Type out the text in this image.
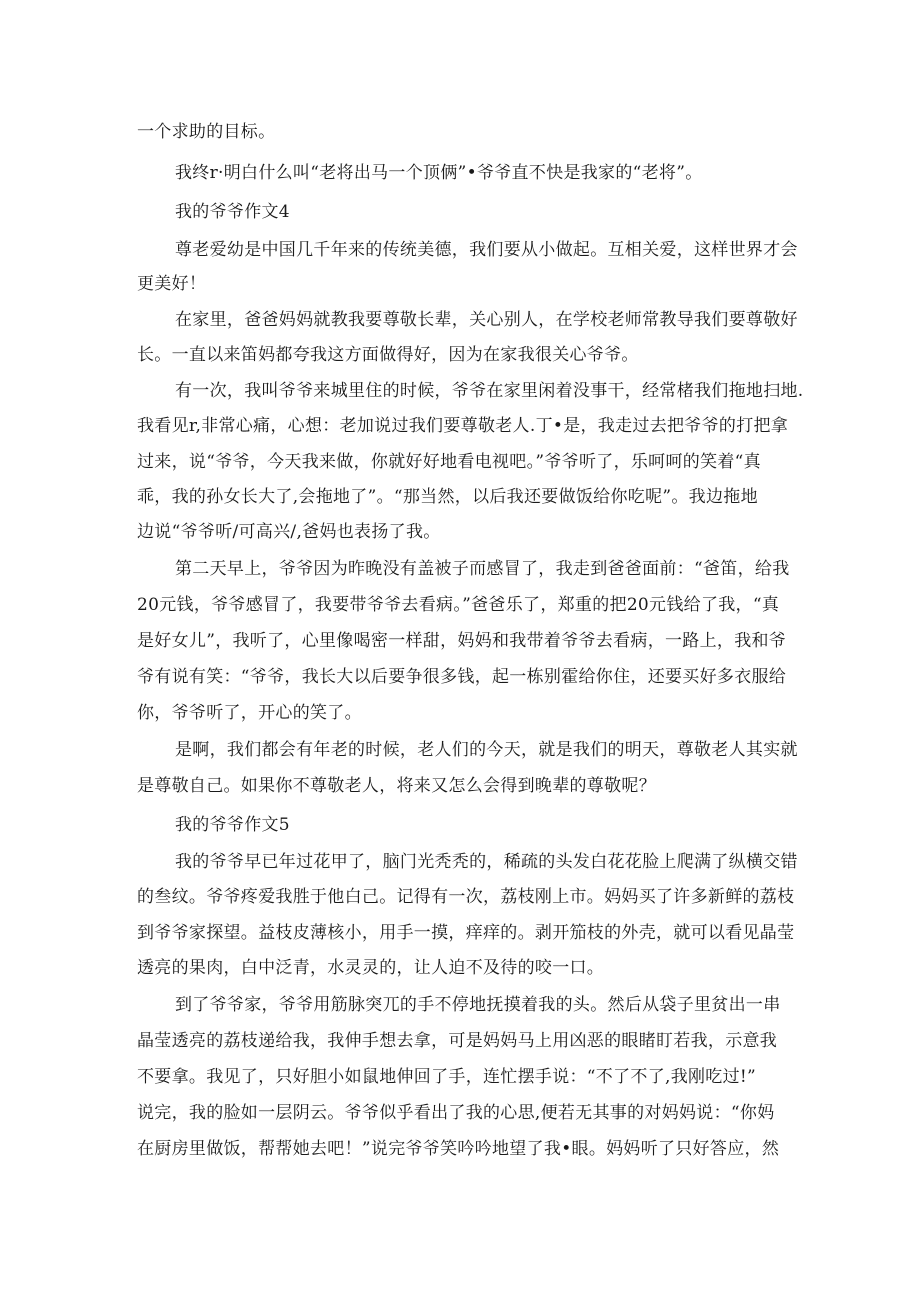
一个求助的目标。

我终r·明白什么叫“老将出马一个顶俩”•爷爷直不快是我家的“老将”。

我的爷爷作文4

尊老爱幼是中国几千年来的传统美德，我们要从小做起。互相关爱，这样世界才会

更美好！

在家里，爸爸妈妈就教我要尊敬长辈，关心别人，在学校老师常教导我们要尊敬好

长。一直以来笛妈都夸我这方面做得好，因为在家我很关心爷爷。

有一次，我叫爷爷来城里住的时候，爷爷在家里闲着没事干，经常楮我们拖地扫地.

我看见r,非常心痛，心想：老加说过我们要尊敬老人.丁•是，我走过去把爷爷的打把拿

过来，说“爷爷，今天我来做，你就好好地看电视吧。”爷爷听了，乐呵呵的笑着“真

乖，我的孙女长大了,会拖地了”。“那当然，以后我还要做饭给你吃呢”。我边拖地

边说“爷爷听/可高兴/,爸妈也表扬了我。

第二天早上，爷爷因为昨晚没有盖被子而感冒了，我走到爸爸面前：“爸笛，给我

20元钱，爷爷感冒了，我要带爷爷去看病。”爸爸乐了，郑重的把20元钱给了我，“真

是好女儿”，我听了，心里像喝密一样甜，妈妈和我带着爷爷去看病，一路上，我和爷

爷有说有笑：“爷爷，我长大以后要争很多钱，起一栋别霍给你住，还要买好多衣服给

你，爷爷听了，开心的笑了。

是啊，我们都会有年老的时候，老人们的今天，就是我们的明天，尊敬老人其实就

是尊敬自己。如果你不尊敬老人，将来又怎么会得到晚辈的尊敬呢？

我的爷爷作文5

我的爷爷早已年过花甲了，脑门光秃秃的，稀疏的头发白花花脸上爬满了纵横交错

的叁纹。爷爷疼爱我胜于他白己。记得有一次，荔枝刚上市。妈妈买了许多新鲜的荔枝

到爷爷家探望。益枝皮薄核小，用手一摸，痒痒的。剥开笳枝的外壳，就可以看见晶莹

透亮的果肉，白中泛青，水灵灵的，让人迫不及待的咬一口。

到了爷爷家，爷爷用筋脉突兀的手不停地抚摸着我的头。然后从袋子里贫出一串

晶莹透亮的荔枝递给我，我伸手想去拿，可是妈妈马上用凶恶的眼睹盯若我，示意我

不要拿。我见了，只好胆小如鼠地伸回了手，连忙摆手说：“不了不了,我刚吃过!”

说完，我的脸如一层阴云。爷爷似乎看出了我的心思,便若无其事的对妈妈说：“你妈

在厨房里做饭，帮帮她去吧！”说完爷爷笑吟吟地望了我•眼。妈妈听了只好答应，然
